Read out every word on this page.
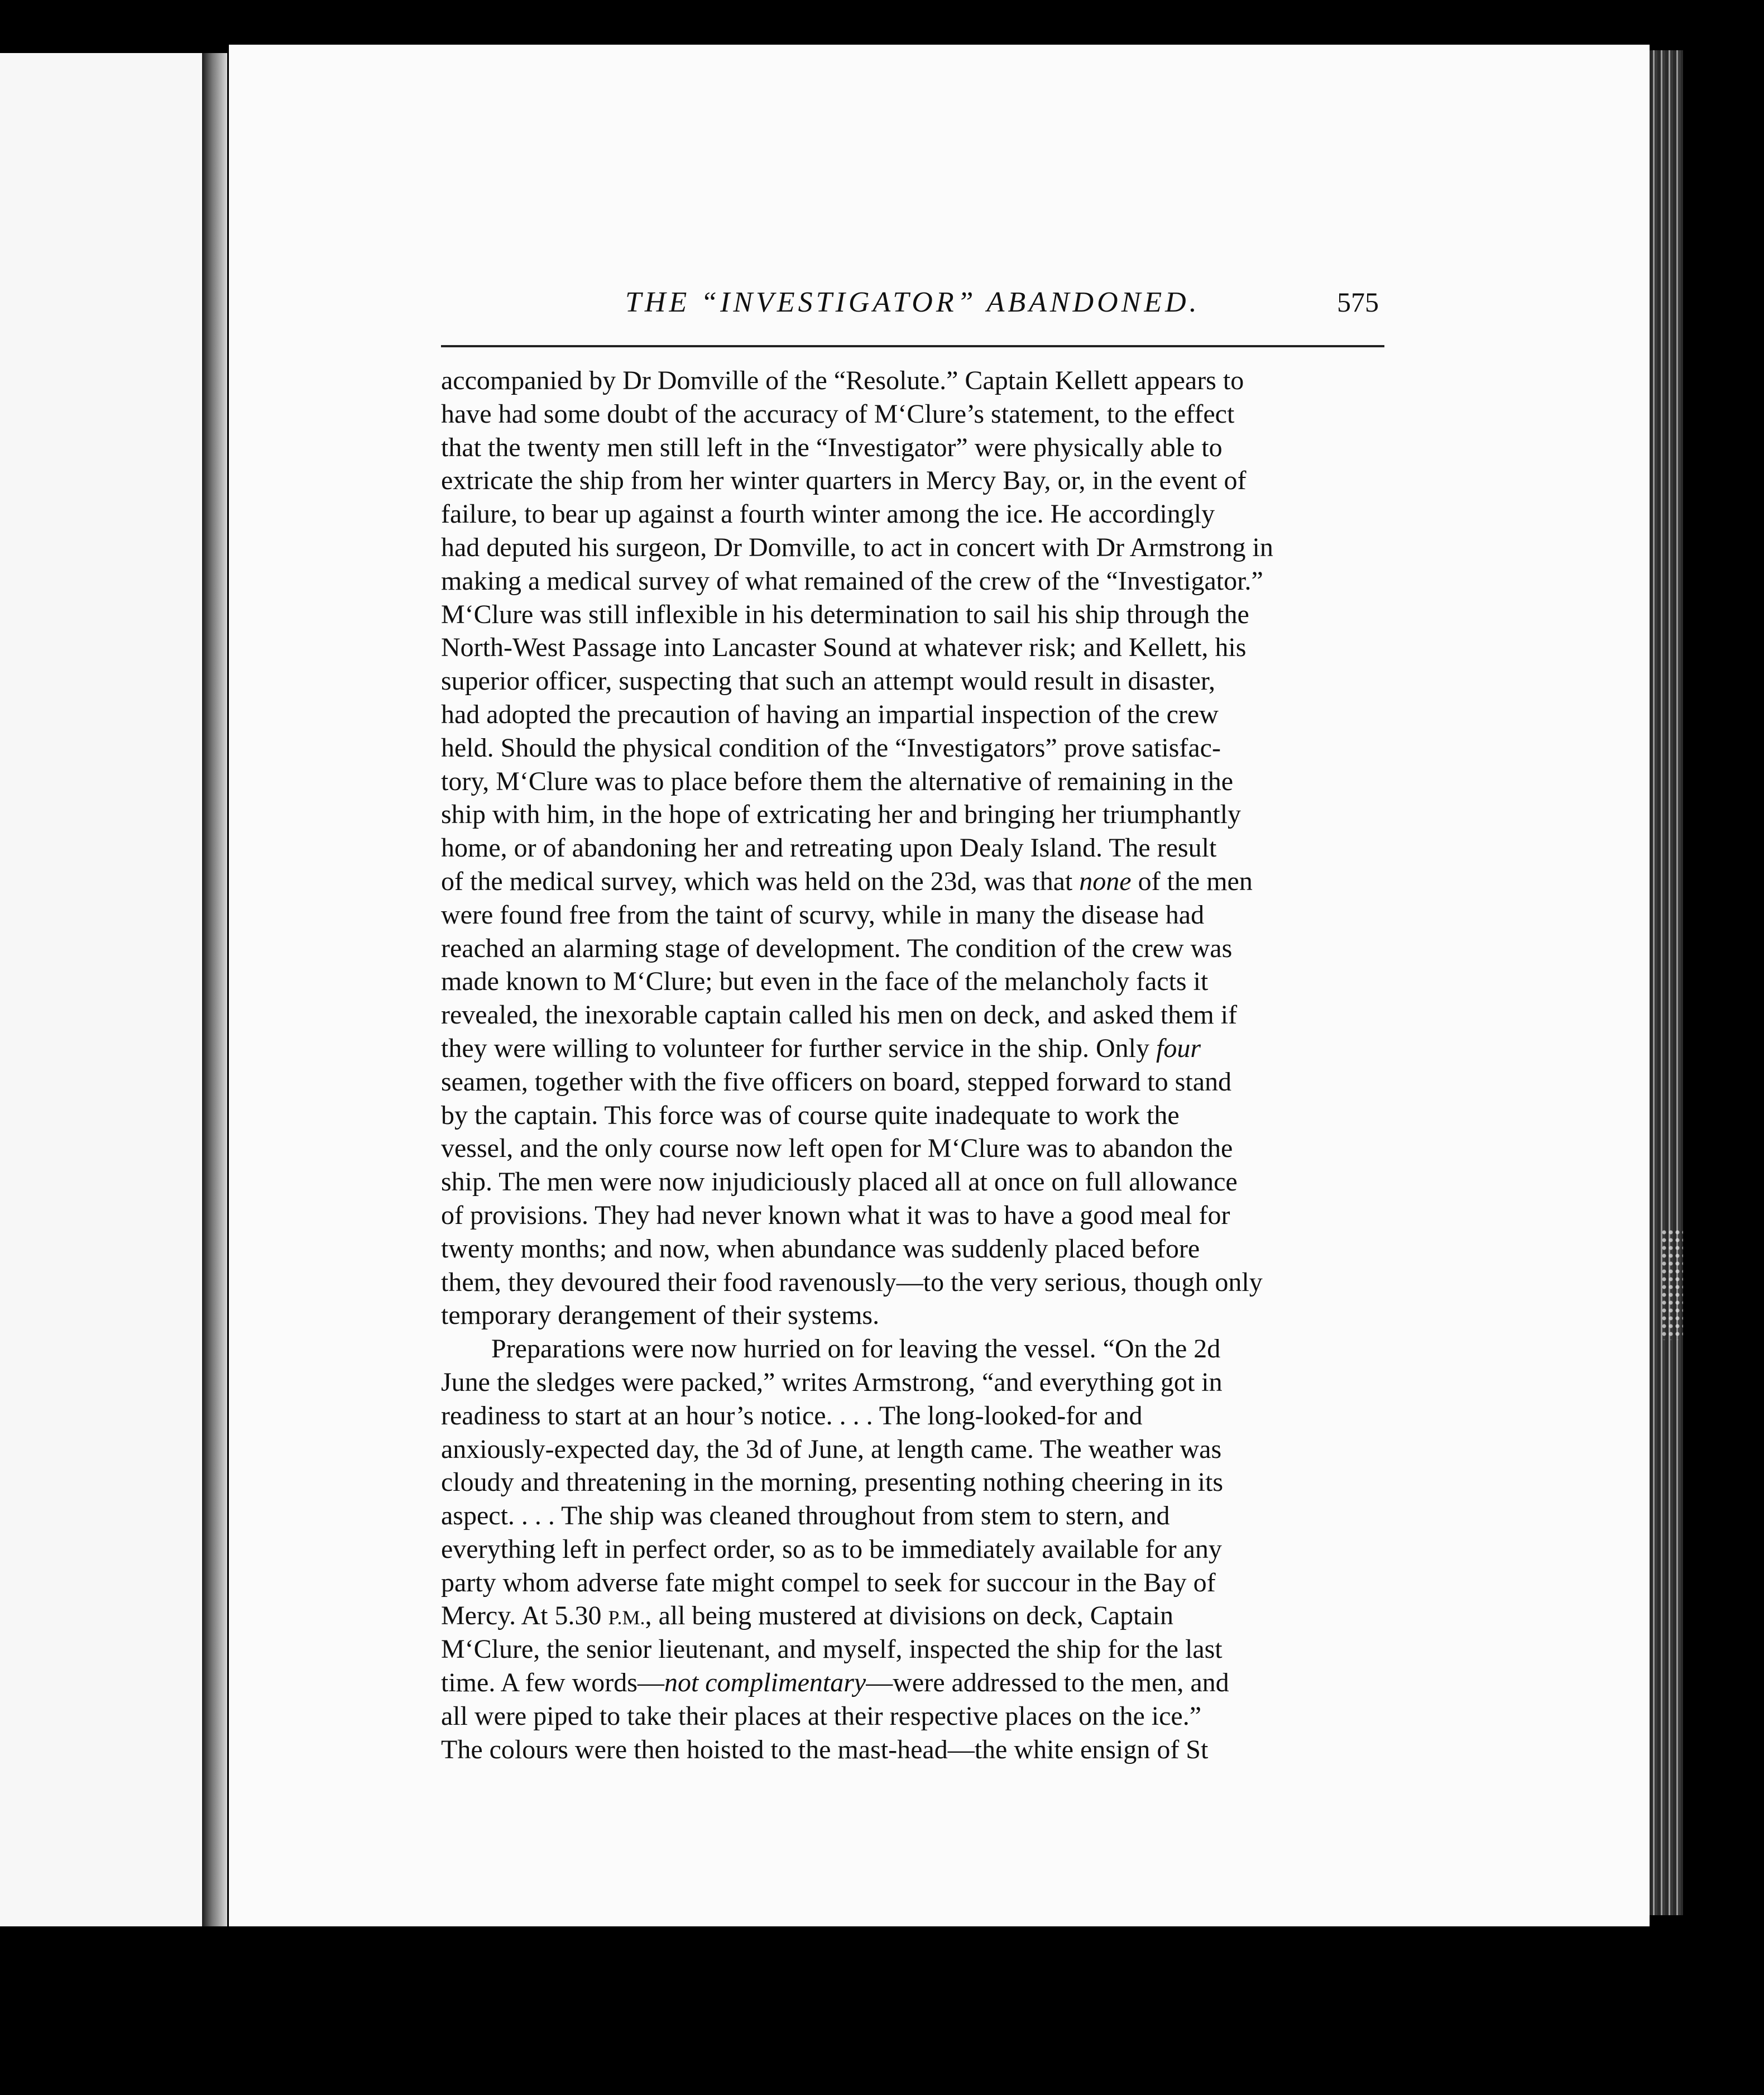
THE “INVESTIGATOR” ABANDONED.	575
accompanied by Dr Domville of the “Resolute.” Captain Kellett appears to
have had some doubt of the accuracy of M‘Clure’s statement, to the effect
that the twenty men still left in the “Investigator” were physically able to
extricate the ship from her winter quarters in Mercy Bay, or, in the event of
failure, to bear up against a fourth winter among the ice. He accordingly
had deputed his surgeon, Dr Domville, to act in concert with Dr Armstrong in
making a medical survey of what remained of the crew of the “Investigator.”
M‘Clure was still inflexible in his determination to sail his ship through the
North-West Passage into Lancaster Sound at whatever risk; and Kellett, his
superior officer, suspecting that such an attempt would result in disaster,
had adopted the precaution of having an impartial inspection of the crew
held. Should the physical condition of the “Investigators” prove satisfac-
tory, M‘Clure was to place before them the alternative of remaining in the
ship with him, in the hope of extricating her and bringing her triumphantly
home, or of abandoning her and retreating upon Dealy Island. The result
of the medical survey, which was held on the 23d, was that none of the men
were found free from the taint of scurvy, while in many the disease had
reached an alarming stage of development. The condition of the crew was
made known to M‘Clure; but even in the face of the melancholy facts it
revealed, the inexorable captain called his men on deck, and asked them if
they were willing to volunteer for further service in the ship. Only four
seamen, together with the five officers on board, stepped forward to stand
by the captain. This force was of course quite inadequate to work the
vessel, and the only course now left open for M‘Clure was to abandon the
ship. The men were now injudiciously placed all at once on full allowance
of provisions. They had never known what it was to have a good meal for
twenty months; and now, when abundance was suddenly placed before
them, they devoured their food ravenously—to the very serious, though only
temporary derangement of their systems.
Preparations were now hurried on for leaving the vessel. “On the 2d
June the sledges were packed,” writes Armstrong, “and everything got in
readiness to start at an hour’s notice. . . . The long-looked-for and
anxiously-expected day, the 3d of June, at length came. The weather was
cloudy and threatening in the morning, presenting nothing cheering in its
aspect. . . . The ship was cleaned throughout from stem to stern, and
everything left in perfect order, so as to be immediately available for any
party whom adverse fate might compel to seek for succour in the Bay of
Mercy. At 5.30 P.M., all being mustered at divisions on deck, Captain
M‘Clure, the senior lieutenant, and myself, inspected the ship for the last
time. A few words—not complimentary—were addressed to the men, and
all were piped to take their places at their respective places on the ice.”
The colours were then hoisted to the mast-head—the white ensign of St
